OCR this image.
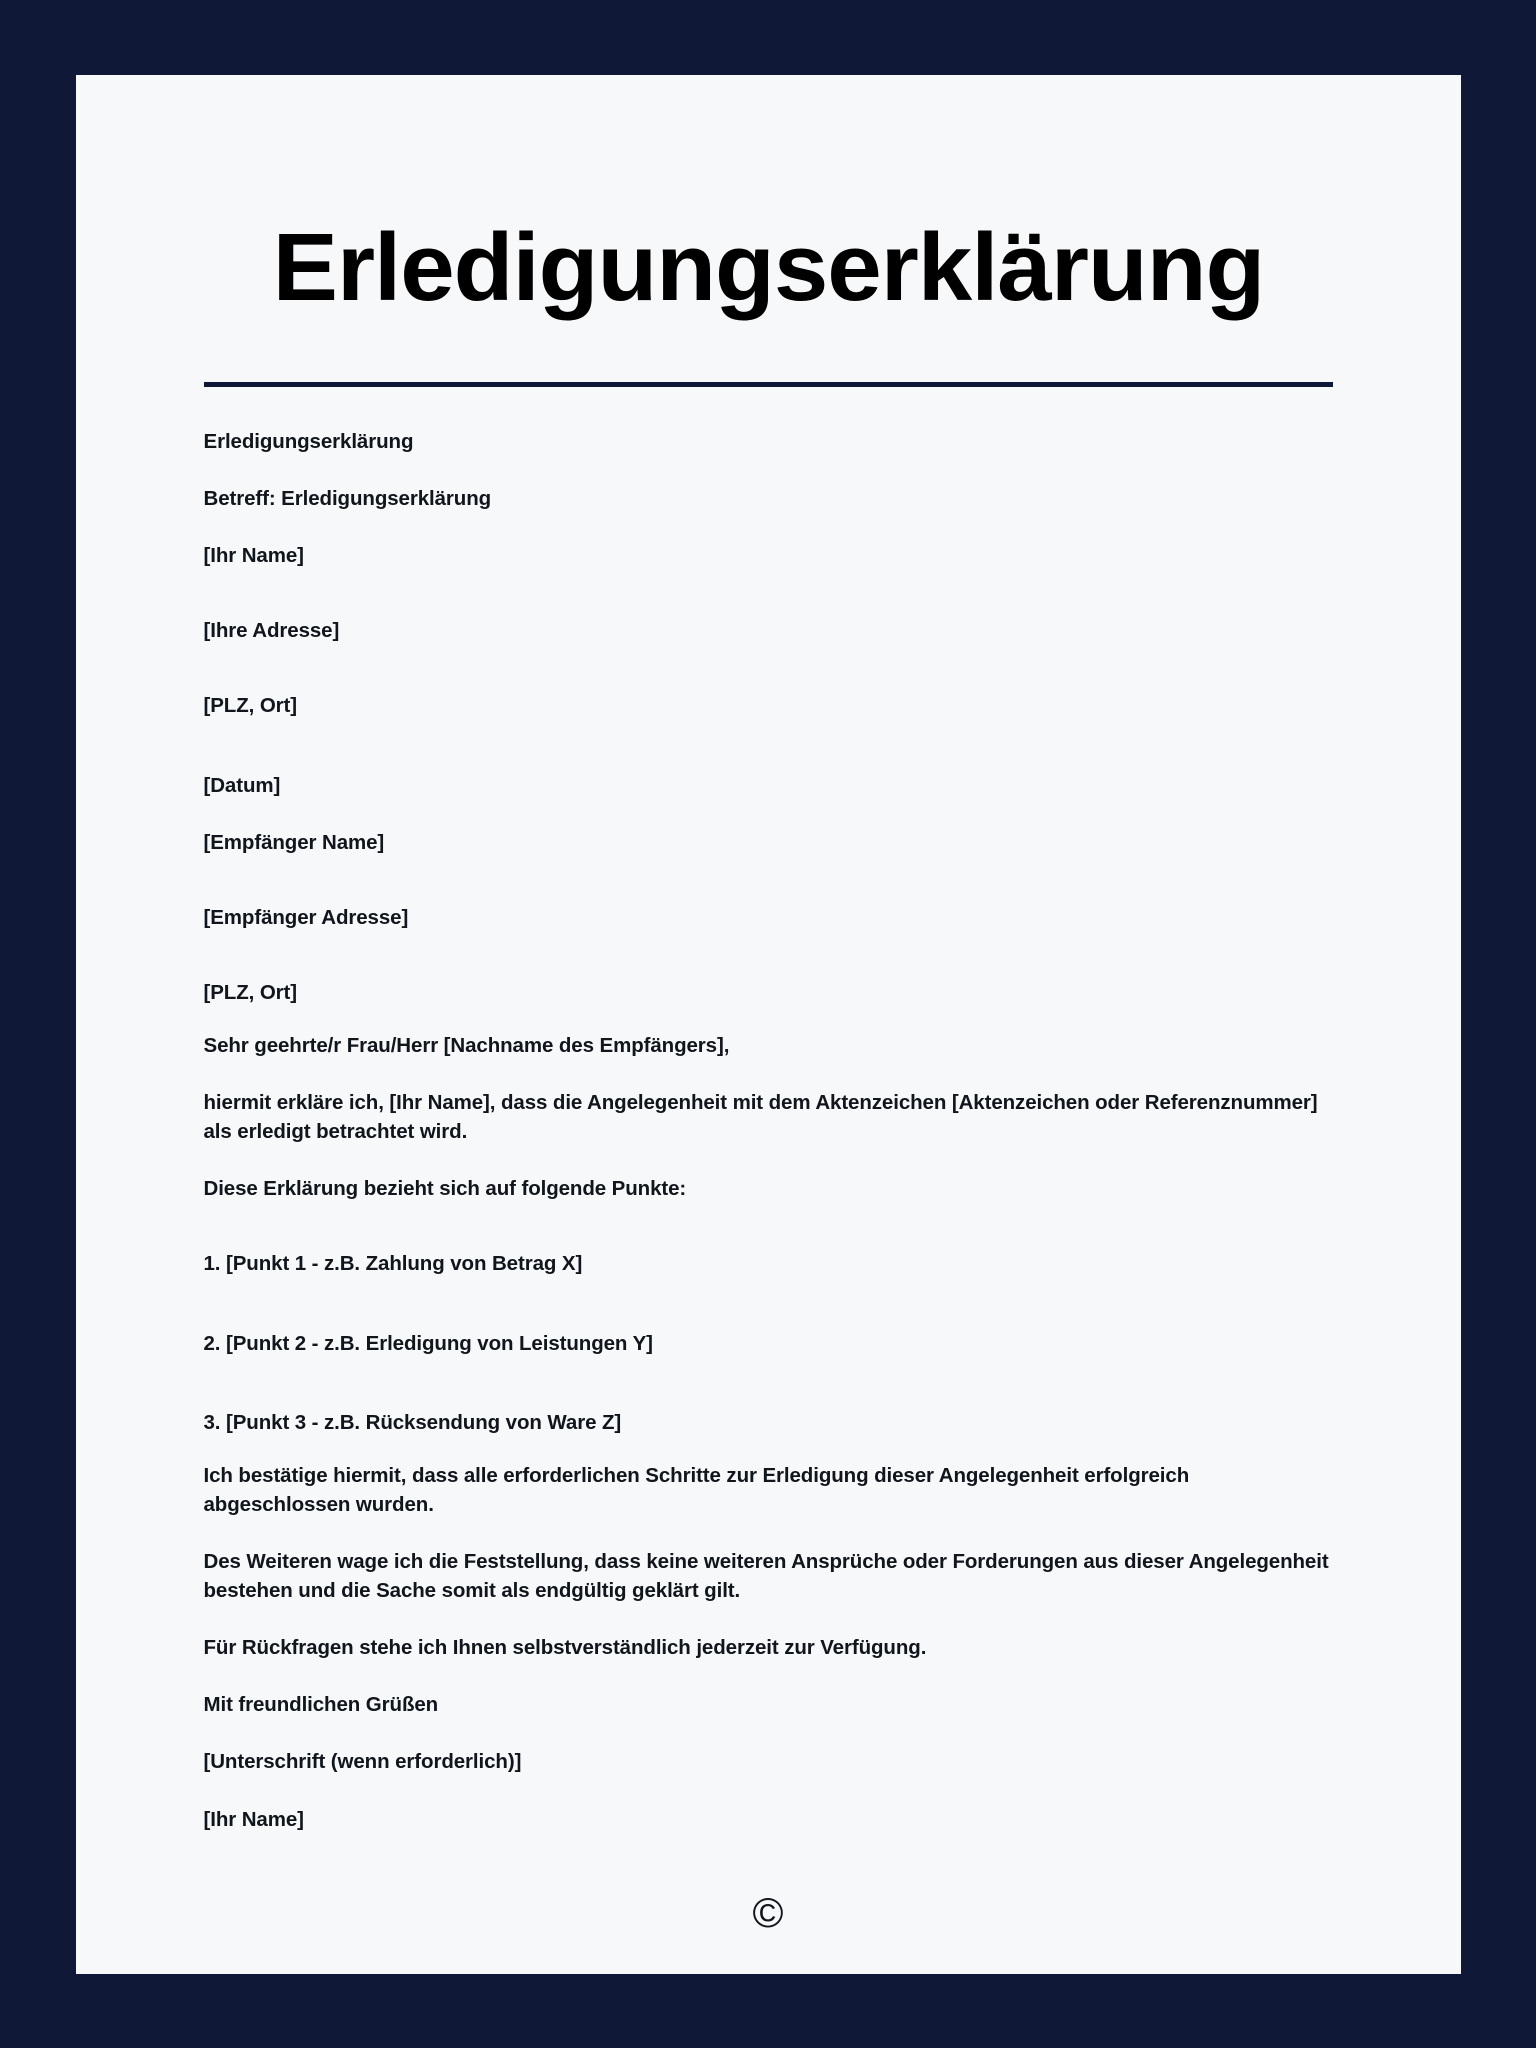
Erledigungserklärung

Erledigungserklärung

Betreff: Erledigungserklärung

[Ihr Name]

[Ihre Adresse]

[PLZ, Ort]

[Datum]

[Empfänger Name]

[Empfänger Adresse]

[PLZ, Ort]

Sehr geehrte/r Frau/Herr [Nachname des Empfängers],

hiermit erkläre ich, [Ihr Name], dass die Angelegenheit mit dem Aktenzeichen [Aktenzeichen oder Referenznummer] als erledigt betrachtet wird.

Diese Erklärung bezieht sich auf folgende Punkte:

1. [Punkt 1 - z.B. Zahlung von Betrag X]

2. [Punkt 2 - z.B. Erledigung von Leistungen Y]

3. [Punkt 3 - z.B. Rücksendung von Ware Z]

Ich bestätige hiermit, dass alle erforderlichen Schritte zur Erledigung dieser Angelegenheit erfolgreich abgeschlossen wurden.

Des Weiteren wage ich die Feststellung, dass keine weiteren Ansprüche oder Forderungen aus dieser Angelegenheit bestehen und die Sache somit als endgültig geklärt gilt.

Für Rückfragen stehe ich Ihnen selbstverständlich jederzeit zur Verfügung.

Mit freundlichen Grüßen

[Unterschrift (wenn erforderlich)]

[Ihr Name]

©
